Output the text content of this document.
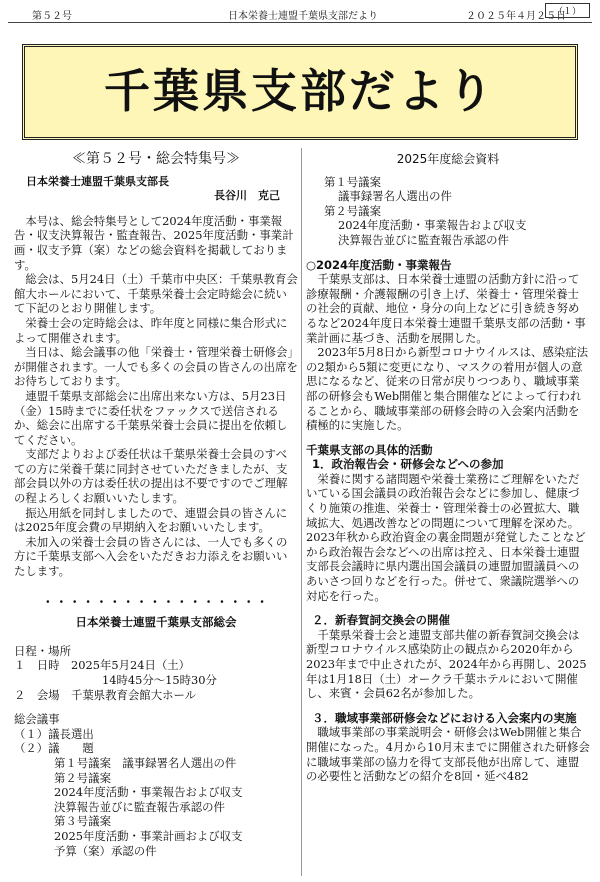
第５２号	日本栄養士連盟千葉県支部だより	２０２５年４月２５日
（１）
千葉県支部だより

≪第５２号・総会特集号≫

日本栄養士連盟千葉県支部長

長谷川　克己

本号は、総会特集号として2024年度活動・事業報告・収支決算報告・監査報告、2025年度活動・事業計画・収支予算（案）などの総会資料を掲載しております。

総会は、5月24日（土）千葉市中央区：千葉県教育会館大ホールにおいて、千葉県栄養士会定時総会に続いて下記のとおり開催します。

栄養士会の定時総会は、昨年度と同様に集合形式によって開催されます。

当日は、総会議事の他「栄養士・管理栄養士研修会」が開催されます。一人でも多くの会員の皆さんの出席をお待ちしております。

連盟千葉県支部総会に出席出来ない方は、5月23日（金）15時までに委任状をファックスで送信されるか、総会に出席する千葉県栄養士会員に提出を依頼してください。

支部だよりおよび委任状は千葉県栄養士会員のすべての方に栄養千葉に同封させていただきましたが、支部会員以外の方は委任状の提出は不要ですのでご理解の程よろしくお願いいたします。

振込用紙を同封しましたので、連盟会員の皆さんには2025年度会費の早期納入をお願いいたします。

未加入の栄養士会員の皆さんには、一人でも多くの方に千葉県支部へ入会をいただきお力添えをお願いいたします。

・・・・・・・・・・・・・・・・・

日本栄養士連盟千葉県支部総会

日程・場所

１　日時　2025年5月24日（土）

14時45分～15時30分

２　会場　千葉県教育会館大ホール

総会議事

（１）議長選出

（２）議　　題

第１号議案　議事録署名人選出の件

第２号議案

2024年度活動・事業報告および収支

決算報告並びに監査報告承認の件

第３号議案

2025年度活動・事業計画および収支

予算（案）承認の件

2025年度総会資料

第１号議案

議事録署名人選出の件

第２号議案

2024年度活動・事業報告および収支

決算報告並びに監査報告承認の件

○2024年度活動・事業報告

千葉県支部は、日本栄養士連盟の活動方針に沿って診療報酬・介護報酬の引き上げ、栄養士・管理栄養士の社会的貢献、地位・身分の向上などに引き続き努めるなど2024年度日本栄養士連盟千葉県支部の活動・事業計画に基づき、活動を展開した。

2023年5月8日から新型コロナウイルスは、感染症法の2類から5類に変更になり、マスクの着用が個人の意思になるなど、従来の日常が戻りつつあり、職域事業部の研修会もWeb開催と集合開催などによって行われることから、職域事業部の研修会時の入会案内活動を積極的に実施した。

千葉県支部の具体的活動

1．政治報告会・研修会などへの参加

栄養に関する諸問題や栄養士業務にご理解をいただいている国会議員の政治報告会などに参加し、健康づくり施策の推進、栄養士・管理栄養士の必置拡大、職域拡大、処遇改善などの問題について理解を深めた。2023年秋から政治資金の裏金問題が発覚したことなどから政治報告会などへの出席は控え、日本栄養士連盟支部長会議時に県内選出国会議員の連盟加盟議員へのあいさつ回りなどを行った。併せて、衆議院選挙への対応を行った。

２．新春賀詞交換会の開催

千葉県栄養士会と連盟支部共催の新春賀詞交換会は新型コロナウイルス感染防止の観点から2020年から2023年まで中止されたが、2024年から再開し、2025年は1月18日（土）オークラ千葉ホテルにおいて開催し、来賓・会員62名が参加した。

３．職域事業部研修会などにおける入会案内の実施

職域事業部の事業説明会・研修会はWeb開催と集合開催になった。4月から10月末までに開催された研修会に職域事業部の協力を得て支部長他が出席して、連盟の必要性と活動などの紹介を8回・延べ482
